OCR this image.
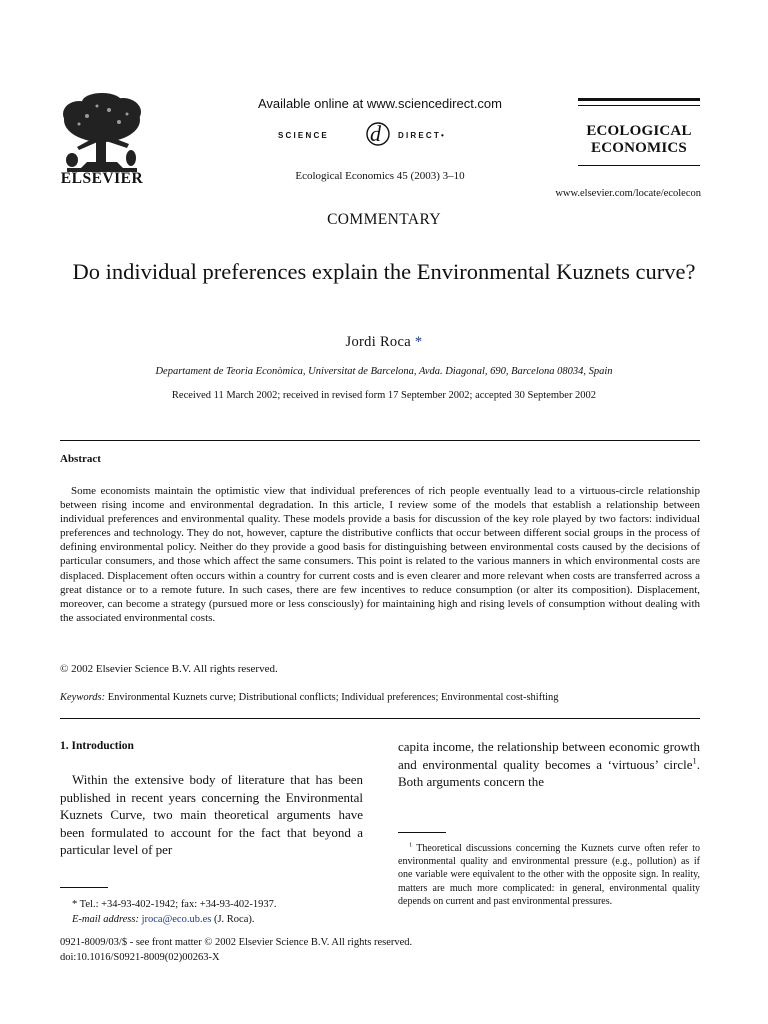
ELSEVIER
Available online at www.sciencedirect.com
SCIENCE d DIRECT•
Ecological Economics 45 (2003) 3–10
ECOLOGICAL
ECONOMICS
www.elsevier.com/locate/ecolecon
COMMENTARY
Do individual preferences explain the Environmental Kuznets curve?
Jordi Roca *
Departament de Teoria Econòmica, Universitat de Barcelona, Avda. Diagonal, 690, Barcelona 08034, Spain
Received 11 March 2002; received in revised form 17 September 2002; accepted 30 September 2002
Abstract

Some economists maintain the optimistic view that individual preferences of rich people eventually lead to a virtuous-circle relationship between rising income and environmental degradation. In this article, I review some of the models that establish a relationship between individual preferences and environmental quality. These models provide a basis for discussion of the key role played by two factors: individual preferences and technology. They do not, however, capture the distributive conflicts that occur between different social groups in the process of defining environmental policy. Neither do they provide a good basis for distinguishing between environmental costs caused by the decisions of particular consumers, and those which affect the same consumers. This point is related to the various manners in which environmental costs are displaced. Displacement often occurs within a country for current costs and is even clearer and more relevant when costs are transferred across a great distance or to a remote future. In such cases, there are few incentives to reduce consumption (or alter its composition). Displacement, moreover, can become a strategy (pursued more or less consciously) for maintaining high and rising levels of consumption without dealing with the associated environmental costs.

© 2002 Elsevier Science B.V. All rights reserved.
Keywords: Environmental Kuznets curve; Distributional conflicts; Individual preferences; Environmental cost-shifting
1. Introduction

Within the extensive body of literature that has been published in recent years concerning the Environmental Kuznets Curve, two main theoretical arguments have been formulated to account for the fact that beyond a particular level of per

capita income, the relationship between economic growth and environmental quality becomes a ‘virtuous’ circle$^1$. Both arguments concern the

$^1$ Theoretical discussions concerning the Kuznets curve often refer to environmental quality and environmental pressure (e.g., pollution) as if one variable were equivalent to the other with the opposite sign. In reality, matters are much more complicated: in general, environmental quality depends on current and past environmental pressures.

* Tel.: +34-93-402-1942; fax: +34-93-402-1937.
E-mail address: jroca@eco.ub.es (J. Roca).
0921-8009/03/$ - see front matter © 2002 Elsevier Science B.V. All rights reserved.
doi:10.1016/S0921-8009(02)00263-X
